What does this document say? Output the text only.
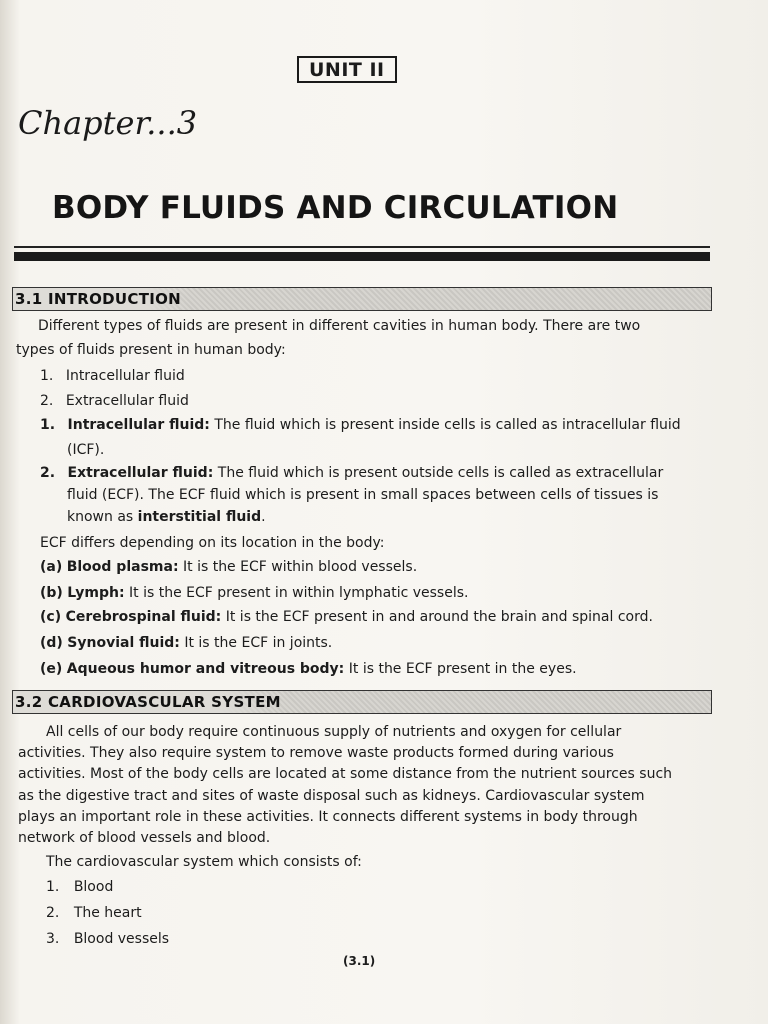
UNIT II
Chapter...3
BODY FLUIDS AND CIRCULATION
3.1 INTRODUCTION
Different types of fluids are present in different cavities in human body. There are two
types of fluids present in human body:
1. Intracellular fluid
2. Extracellular fluid
1. Intracellular fluid: The fluid which is present inside cells is called as intracellular fluid
(ICF).
2. Extracellular fluid: The fluid which is present outside cells is called as extracellular
fluid (ECF). The ECF fluid which is present in small spaces between cells of tissues is
known as interstitial fluid.
ECF differs depending on its location in the body:
(a) Blood plasma: It is the ECF within blood vessels.
(b) Lymph: It is the ECF present in within lymphatic vessels.
(c) Cerebrospinal fluid: It is the ECF present in and around the brain and spinal cord.
(d) Synovial fluid: It is the ECF in joints.
(e) Aqueous humor and vitreous body: It is the ECF present in the eyes.
3.2 CARDIOVASCULAR SYSTEM
All cells of our body require continuous supply of nutrients and oxygen for cellular
activities. They also require system to remove waste products formed during various
activities. Most of the body cells are located at some distance from the nutrient sources such
as the digestive tract and sites of waste disposal such as kidneys. Cardiovascular system
plays an important role in these activities. It connects different systems in body through
network of blood vessels and blood.
The cardiovascular system which consists of:
1. Blood
2. The heart
3. Blood vessels
(3.1)
